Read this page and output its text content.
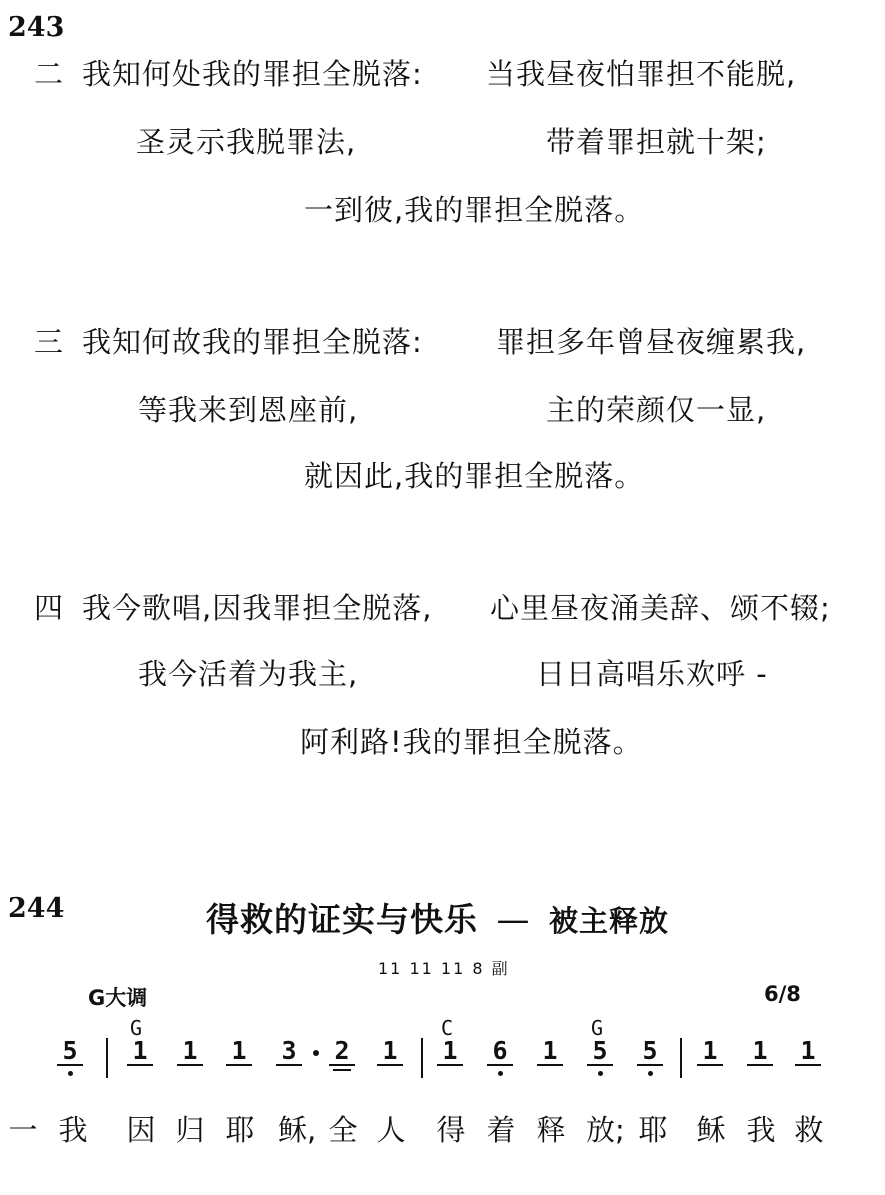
243
二 我知何处我的罪担全脱落: 当我昼夜怕罪担不能脱,
圣灵示我脱罪法,	带着罪担就十架;
一到彼,我的罪担全脱落。
三 我知何故我的罪担全脱落:	罪担多年曾昼夜缠累我,
等我来到恩座前,	主的荣颜仅一显,
就因此,我的罪担全脱落。
四 我今歌唱,因我罪担全脱落, 心里昼夜涌美辞、颂不辍;
我今活着为我主,	日日高唱乐欢呼 -
阿利路!我的罪担全脱落。
244	得救的证实与快乐 — 被主释放
11 11 11 8 副
G大调	6/8
G	C	G
5 1 1 1 3 2 1 1 6 1 5 5 1 1 1
一 我 因 归 耶 稣, 全 人 得 着 释 放; 耶 稣 我 救
